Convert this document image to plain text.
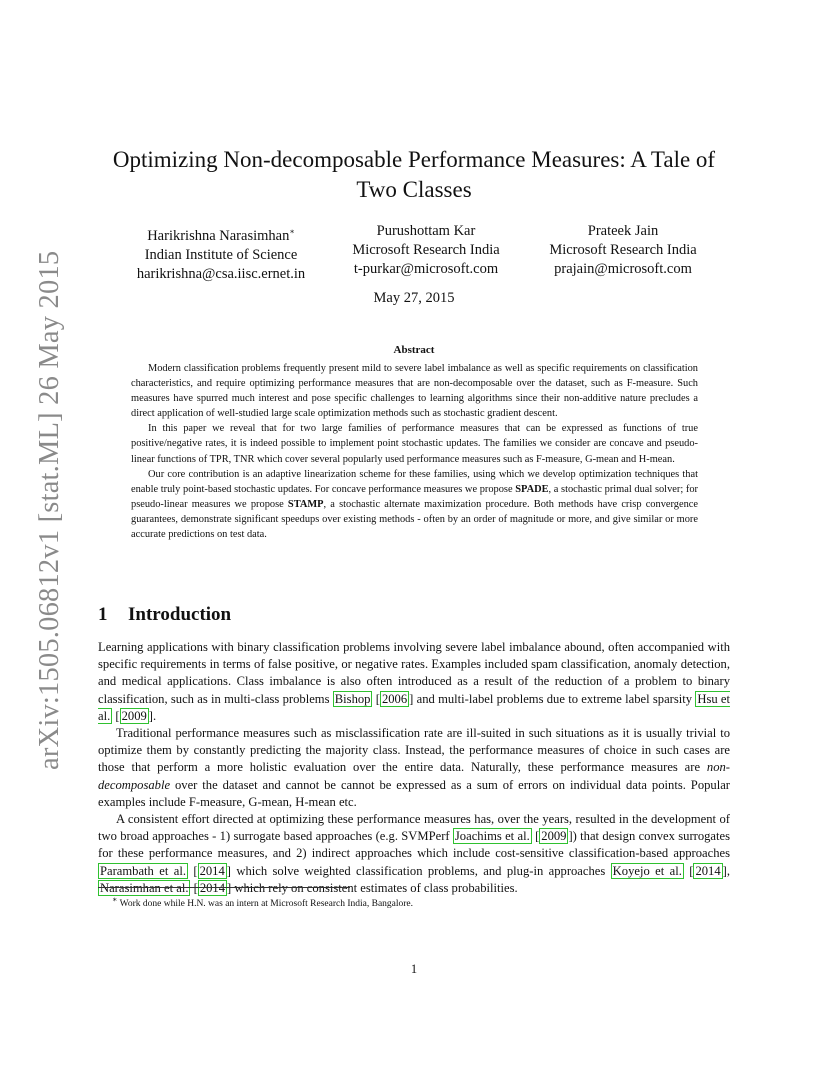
arXiv:1505.06812v1 [stat.ML] 26 May 2015
Optimizing Non-decomposable Performance Measures: A Tale of Two Classes
Harikrishna Narasimhan∗
Indian Institute of Science
harikrishna@csa.iisc.ernet.in
Purushottam Kar
Microsoft Research India
t-purkar@microsoft.com
Prateek Jain
Microsoft Research India
prajain@microsoft.com
May 27, 2015
Abstract

Modern classification problems frequently present mild to severe label imbalance as well as specific requirements on classification characteristics, and require optimizing performance measures that are non-decomposable over the dataset, such as F-measure. Such measures have spurred much interest and pose specific challenges to learning algorithms since their non-additive nature precludes a direct application of well-studied large scale optimization methods such as stochastic gradient descent.

In this paper we reveal that for two large families of performance measures that can be expressed as functions of true positive/negative rates, it is indeed possible to implement point stochastic updates. The families we consider are concave and pseudo-linear functions of TPR, TNR which cover several popularly used performance measures such as F-measure, G-mean and H-mean.

Our core contribution is an adaptive linearization scheme for these families, using which we develop optimization techniques that enable truly point-based stochastic updates. For concave performance measures we propose SPADE, a stochastic primal dual solver; for pseudo-linear measures we propose STAMP, a stochastic alternate maximization procedure. Both methods have crisp convergence guarantees, demonstrate significant speedups over existing methods - often by an order of magnitude or more, and give similar or more accurate predictions on test data.

1 Introduction

Learning applications with binary classification problems involving severe label imbalance abound, often accompanied with specific requirements in terms of false positive, or negative rates. Examples included spam classification, anomaly detection, and medical applications. Class imbalance is also often introduced as a result of the reduction of a problem to binary classification, such as in multi-class problems Bishop [ 2006 ] and multi-label problems due to extreme label sparsity Hsu et al. [ 2009 ].

Traditional performance measures such as misclassification rate are ill-suited in such situations as it is usually trivial to optimize them by constantly predicting the majority class. Instead, the performance measures of choice in such cases are those that perform a more holistic evaluation over the entire data. Naturally, these performance measures are non-decomposable over the dataset and cannot be cannot be expressed as a sum of errors on individual data points. Popular examples include F-measure, G-mean, H-mean etc.

A consistent effort directed at optimizing these performance measures has, over the years, resulted in the development of two broad approaches - 1) surrogate based approaches (e.g. SVMPerf Joachims et al. [ 2009 ]) that design convex surrogates for these performance measures, and 2) indirect approaches which include cost-sensitive classification-based approaches Parambath et al. [ 2014 ] which solve weighted classification problems, and plug-in approaches Koyejo et al. [ 2014 ], Narasimhan et al. [ 2014 ] which rely on consistent estimates of class probabilities.

∗ Work done while H.N. was an intern at Microsoft Research India, Bangalore.
1
